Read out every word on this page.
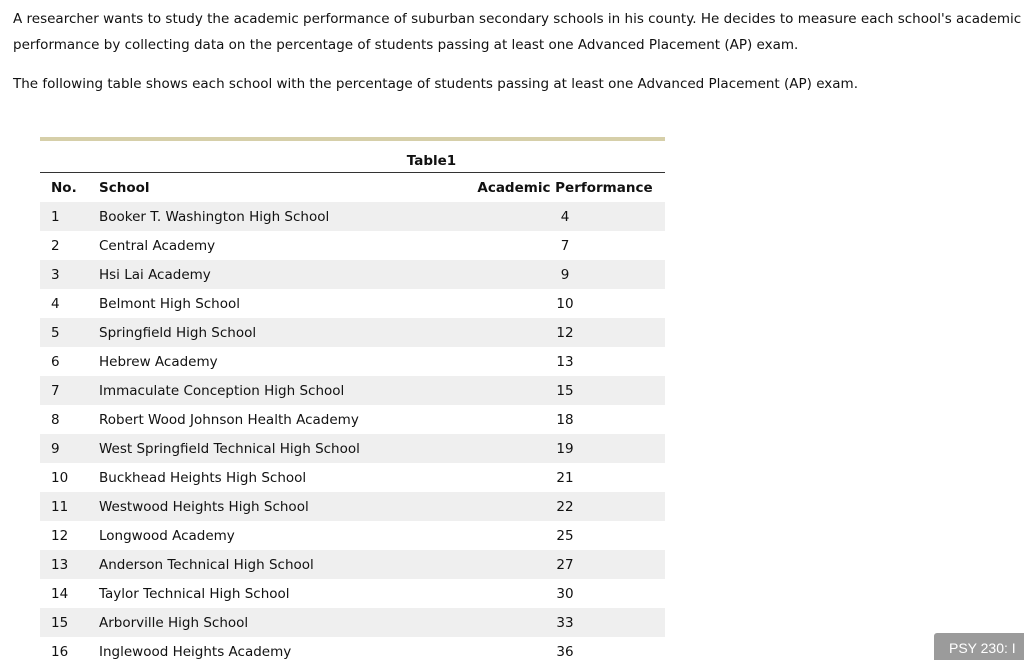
A researcher wants to study the academic performance of suburban secondary schools in his county. He decides to measure each school's academic
performance by collecting data on the percentage of students passing at least one Advanced Placement (AP) exam.

The following table shows each school with the percentage of students passing at least one Advanced Placement (AP) exam.

Table1
No.	School	Academic Performance
1	Booker T. Washington High School	4
2	Central Academy	7
3	Hsi Lai Academy	9
4	Belmont High School	10
5	Springfield High School	12
6	Hebrew Academy	13
7	Immaculate Conception High School	15
8	Robert Wood Johnson Health Academy	18
9	West Springfield Technical High School	19
10	Buckhead Heights High School	21
11	Westwood Heights High School	22
12	Longwood Academy	25
13	Anderson Technical High School	27
14	Taylor Technical High School	30
15	Arborville High School	33
16	Inglewood Heights Academy	36	PSY 230: I
